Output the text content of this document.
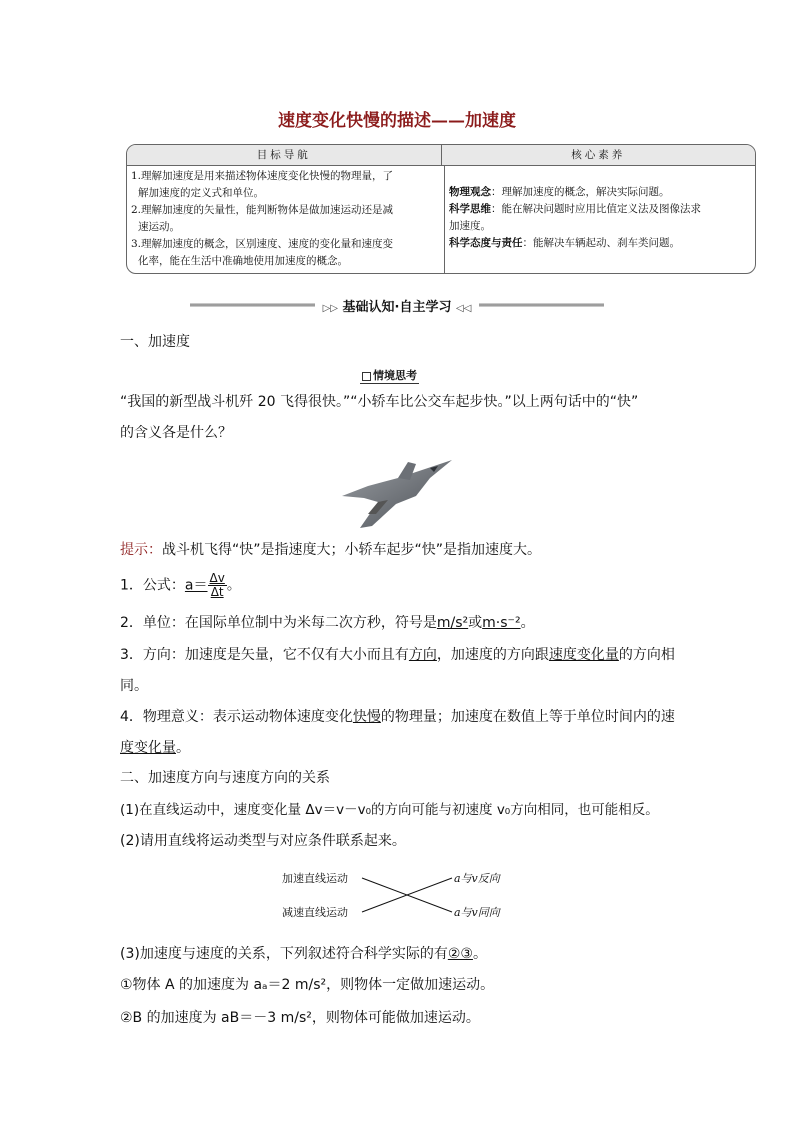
速度变化快慢的描述——加速度
目标导航	核心素养

1.理解加速度是用来描述物体速度变化快慢的物理量，了

解加速度的定义式和单位。

2.理解加速度的矢量性，能判断物体是做加速运动还是减

速运动。

3.理解加速度的概念，区别速度、速度的变化量和速度变

化率，能在生活中准确地使用加速度的概念。

物理观念：理解加速度的概念，解决实际问题。

科学思维：能在解决问题时应用比值定义法及图像法求

加速度。

科学态度与责任：能解决车辆起动、刹车类问题。

▷▷ 基础认知·自主学习 ◁◁
一、加速度
情境思考
“我国的新型战斗机歼 20 飞得很快。”“小轿车比公交车起步快。”以上两句话中的“快”
的含义各是什么？
提示：战斗机飞得“快”是指速度大；小轿车起步“快”是指加速度大。
1．公式：$a= \frac{\Delta v}{\Delta t}$ 。
2．单位：在国际单位制中为米每二次方秒，符号是m/s²或m·s⁻²。
3．方向：加速度是矢量，它不仅有大小而且有方向，加速度的方向跟速度变化量的方向相
同。
4．物理意义：表示运动物体速度变化快慢的物理量；加速度在数值上等于单位时间内的速
度变化量。
二、加速度方向与速度方向的关系
(1)在直线运动中，速度变化量 Δv＝v－v₀的方向可能与初速度 v₀方向相同，也可能相反。
(2)请用直线将运动类型与对应条件联系起来。
加速直线运动
减速直线运动
a与v反向
a与v同向
(3)加速度与速度的关系，下列叙述符合科学实际的有②③。
①物体 A 的加速度为 aₐ＝2 m/s²，则物体一定做加速运动。
②B 的加速度为 aB＝－3 m/s²，则物体可能做加速运动。
